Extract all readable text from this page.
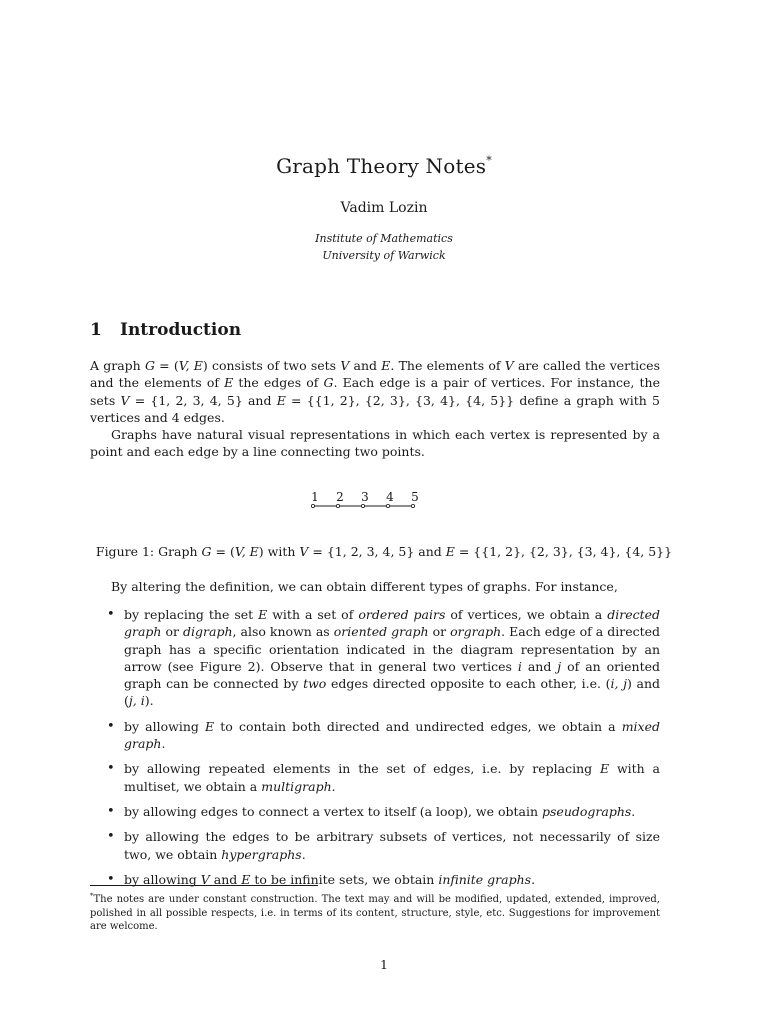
Graph Theory Notes*
Vadim Lozin
Institute of Mathematics
University of Warwick
1 Introduction
A graph G = (V, E) consists of two sets V and E. The elements of V are called the vertices and the elements of E the edges of G. Each edge is a pair of vertices. For instance, the sets V = {1, 2, 3, 4, 5} and E = {{1, 2}, {2, 3}, {3, 4}, {4, 5}} define a graph with 5 vertices and 4 edges.
Graphs have natural visual representations in which each vertex is represented by a point and each edge by a line connecting two points.
1 2 3 4 5
Figure 1: Graph G = (V, E) with V = {1, 2, 3, 4, 5} and E = {{1, 2}, {2, 3}, {3, 4}, {4, 5}}
By altering the definition, we can obtain different types of graphs. For instance,
• by replacing the set E with a set of ordered pairs of vertices, we obtain a directed graph or digraph, also known as oriented graph or orgraph. Each edge of a directed graph has a specific orientation indicated in the diagram representation by an arrow (see Figure 2). Observe that in general two vertices i and j of an oriented graph can be connected by two edges directed opposite to each other, i.e. (i, j) and (j, i).
• by allowing E to contain both directed and undirected edges, we obtain a mixed graph.
• by allowing repeated elements in the set of edges, i.e. by replacing E with a multiset, we obtain a multigraph.
• by allowing edges to connect a vertex to itself (a loop), we obtain pseudographs.
• by allowing the edges to be arbitrary subsets of vertices, not necessarily of size two, we obtain hypergraphs.
• by allowing V and E to be infinite sets, we obtain infinite graphs.
*The notes are under constant construction. The text may and will be modified, updated, extended, improved, polished in all possible respects, i.e. in terms of its content, structure, style, etc. Suggestions for improvement are welcome.
1
